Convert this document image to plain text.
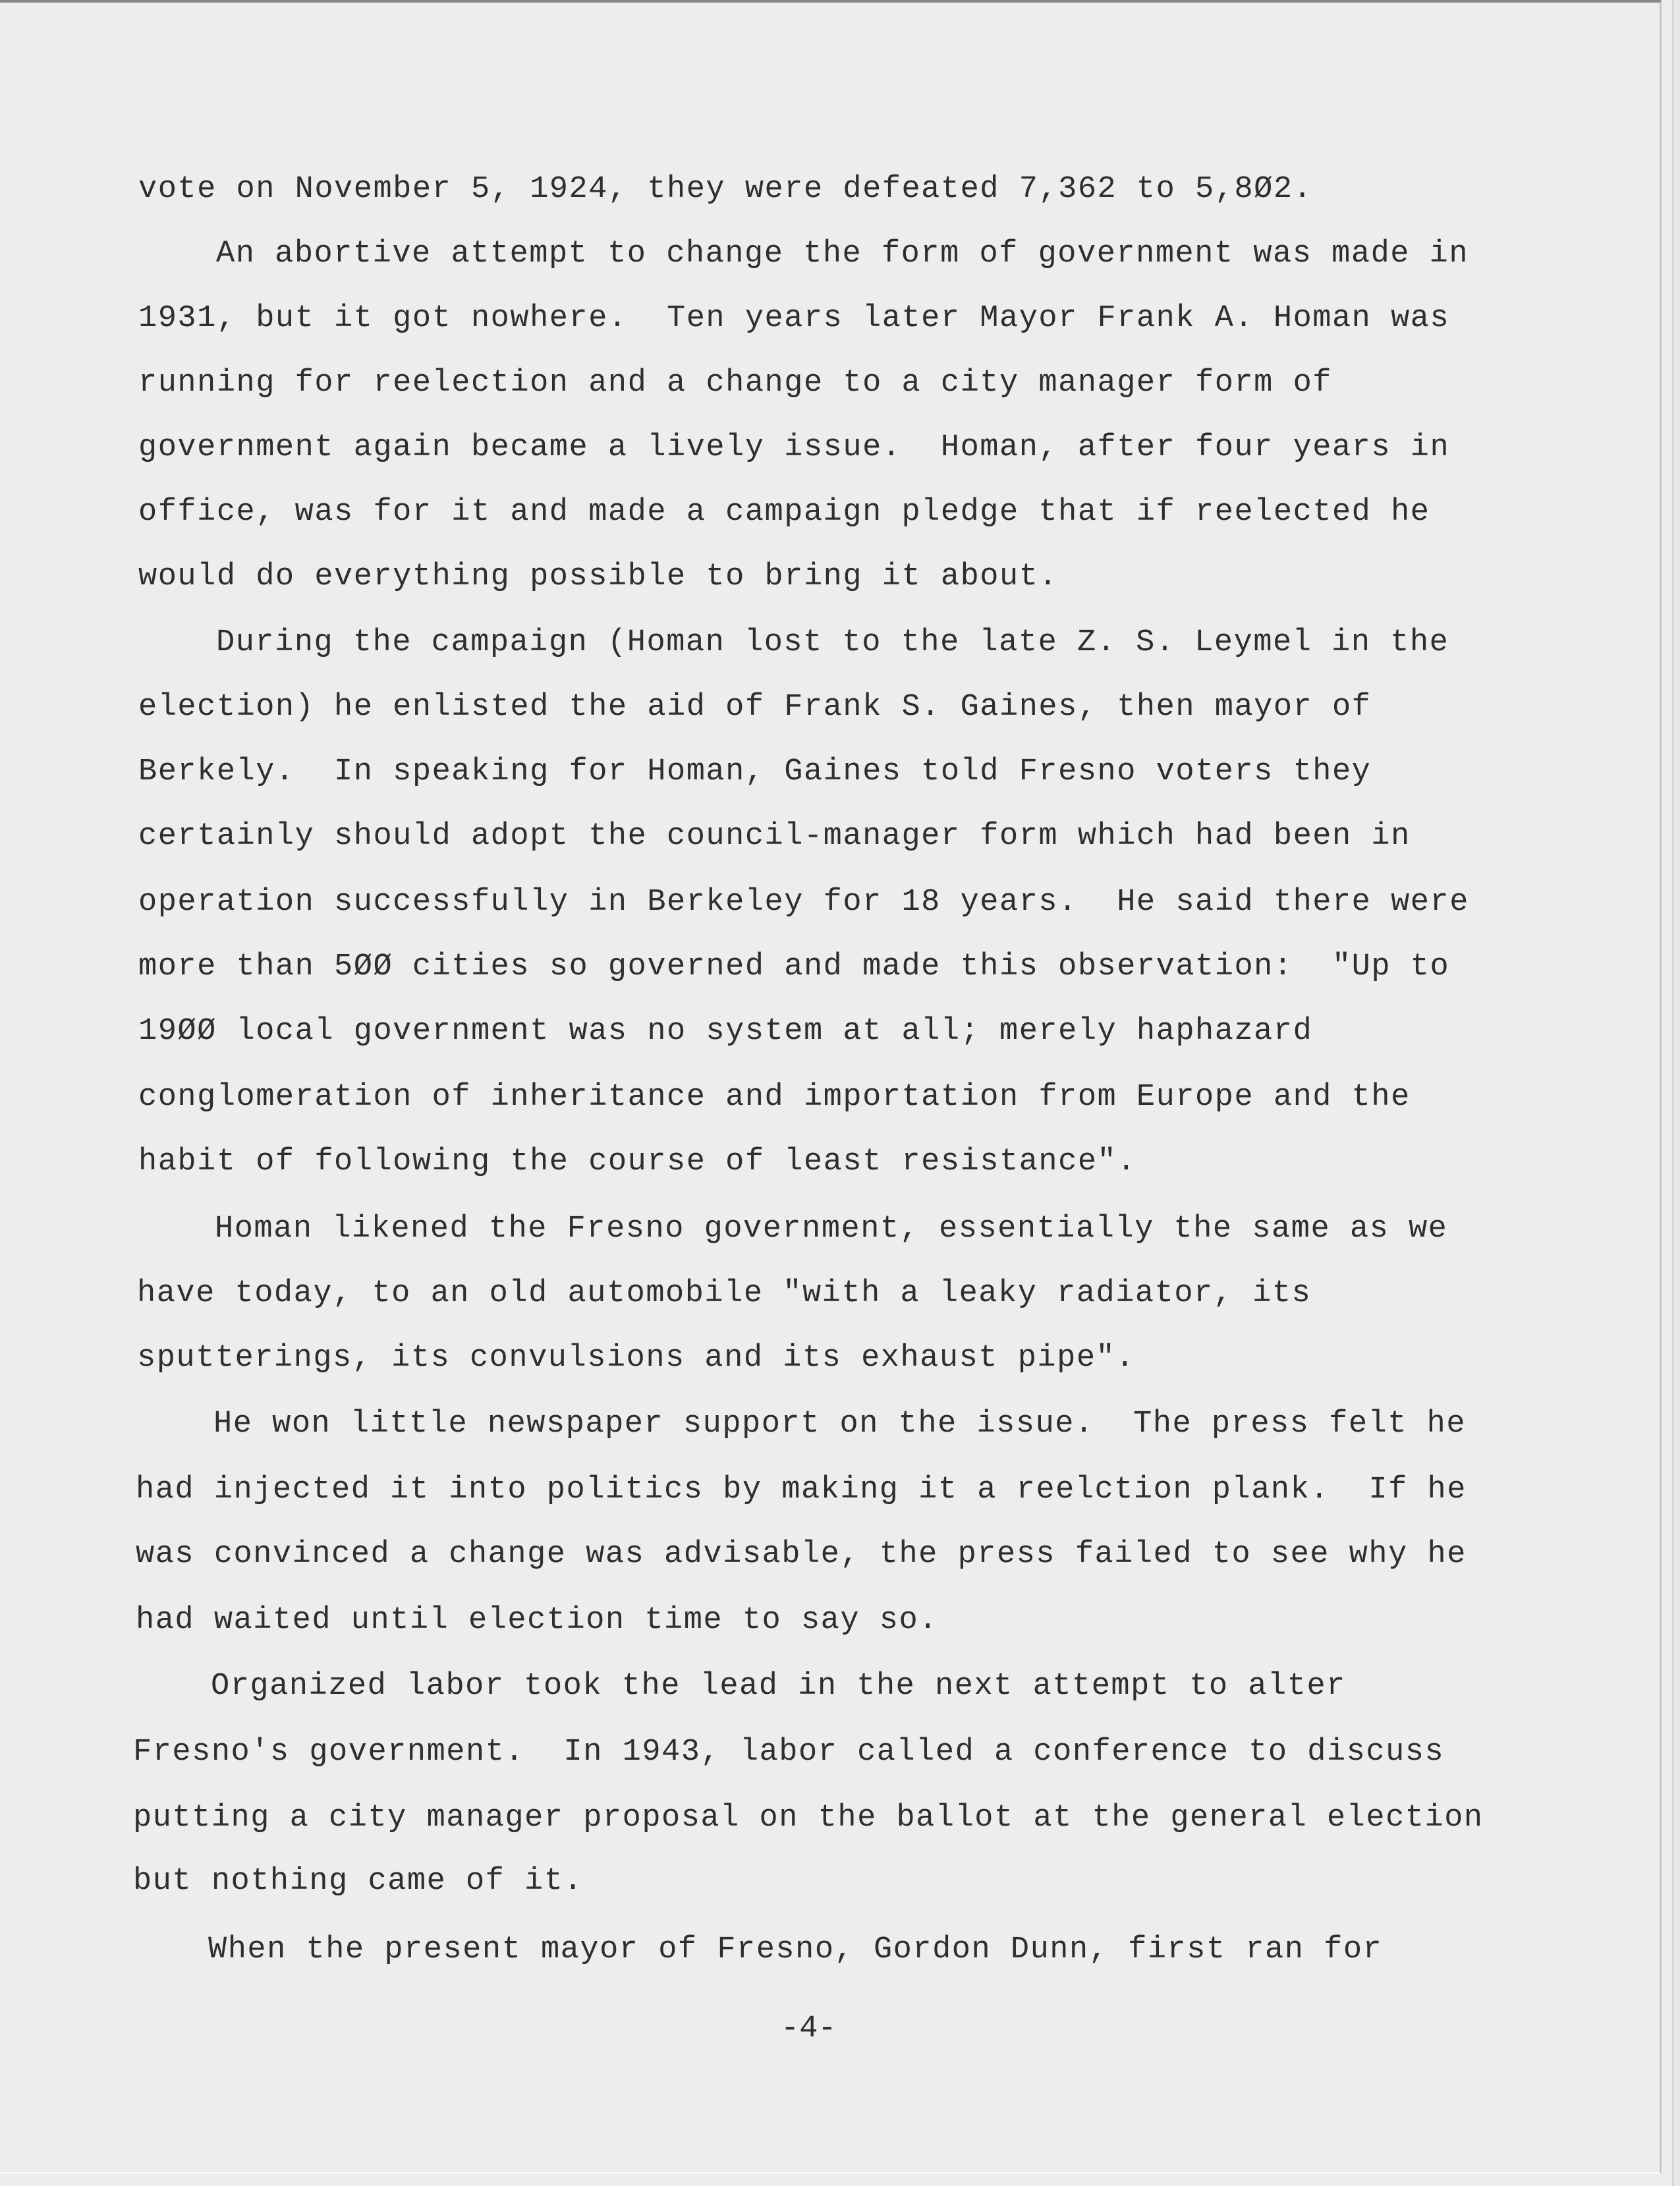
vote on November 5, 1924, they were defeated 7,362 to 5,8Ø2.
An abortive attempt to change the form of government was made in
1931, but it got nowhere.  Ten years later Mayor Frank A. Homan was
running for reelection and a change to a city manager form of
government again became a lively issue.  Homan, after four years in
office, was for it and made a campaign pledge that if reelected he
would do everything possible to bring it about.
During the campaign (Homan lost to the late Z. S. Leymel in the
election) he enlisted the aid of Frank S. Gaines, then mayor of
Berkely.  In speaking for Homan, Gaines told Fresno voters they
certainly should adopt the council-manager form which had been in
operation successfully in Berkeley for 18 years.  He said there were
more than 5ØØ cities so governed and made this observation:  "Up to
19ØØ local government was no system at all; merely haphazard
conglomeration of inheritance and importation from Europe and the
habit of following the course of least resistance".
Homan likened the Fresno government, essentially the same as we
have today, to an old automobile "with a leaky radiator, its
sputterings, its convulsions and its exhaust pipe".
He won little newspaper support on the issue.  The press felt he
had injected it into politics by making it a reelction plank.  If he
was convinced a change was advisable, the press failed to see why he
had waited until election time to say so.
Organized labor took the lead in the next attempt to alter
Fresno's government.  In 1943, labor called a conference to discuss
putting a city manager proposal on the ballot at the general election
but nothing came of it.
When the present mayor of Fresno, Gordon Dunn, first ran for
-4-
